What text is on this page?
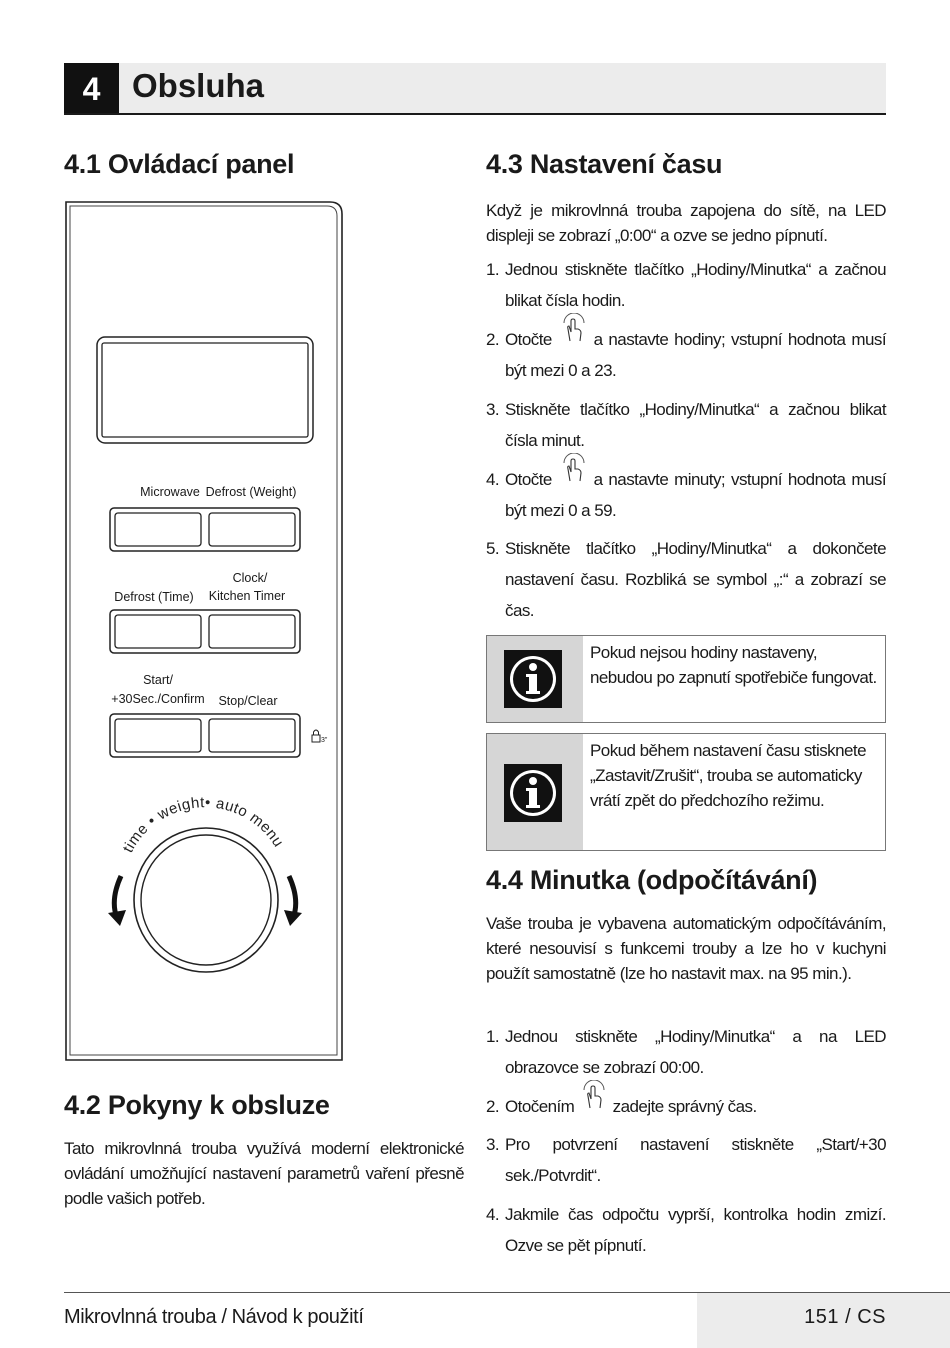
4 Obsluha
4.1 Ovládací panel
Microwave Defrost (Weight)
Clock/
Defrost (Time) Kitchen Timer
Start/
+30Sec./Confirm Stop/Clear
3"
time • weight• auto menu
4.2 Pokyny k obsluze
Tato mikrovlnná trouba využívá moderní elektronické ovládání umožňující nastavení parametrů vaření přesně podle vašich potřeb.
4.3 Nastavení času
Když je mikrovlnná trouba zapojena do sítě, na LED displeji se zobrazí „0:00“ a ozve se jedno pípnutí.
1. Jednou stiskněte tlačítko „Hodiny/Minutka“ a začnou blikat čísla hodin.
2. Otočte a nastavte hodiny; vstupní hodnota musí být mezi 0 a 23.
3. Stiskněte tlačítko „Hodiny/Minutka“ a začnou blikat čísla minut.
4. Otočte a nastavte minuty; vstupní hodnota musí být mezi 0 a 59.
5. Stiskněte tlačítko „Hodiny/Minutka“ a dokončete nastavení času. Rozbliká se symbol „:“ a zobrazí se čas.
Pokud nejsou hodiny nastaveny, nebudou po zapnutí spotřebiče fungovat.
Pokud během nastavení času stisknete „Zastavit/Zrušit“, trouba se automaticky vrátí zpět do předchozího režimu.
4.4 Minutka (odpočítávání)
Vaše trouba je vybavena automatickým odpočítáváním, které nesouvisí s funkcemi trouby a lze ho v kuchyni použít samostatně (lze ho nastavit max. na 95 min.).
1. Jednou stiskněte „Hodiny/Minutka“ a na LED obrazovce se zobrazí 00:00.
2. Otočením zadejte správný čas.
3. Pro potvrzení nastavení stiskněte „Start/+30 sek./Potvrdit“.
4. Jakmile čas odpočtu vyprší, kontrolka hodin zmizí. Ozve se pět pípnutí.
Mikrovlnná trouba / Návod k použití	151 / CS
